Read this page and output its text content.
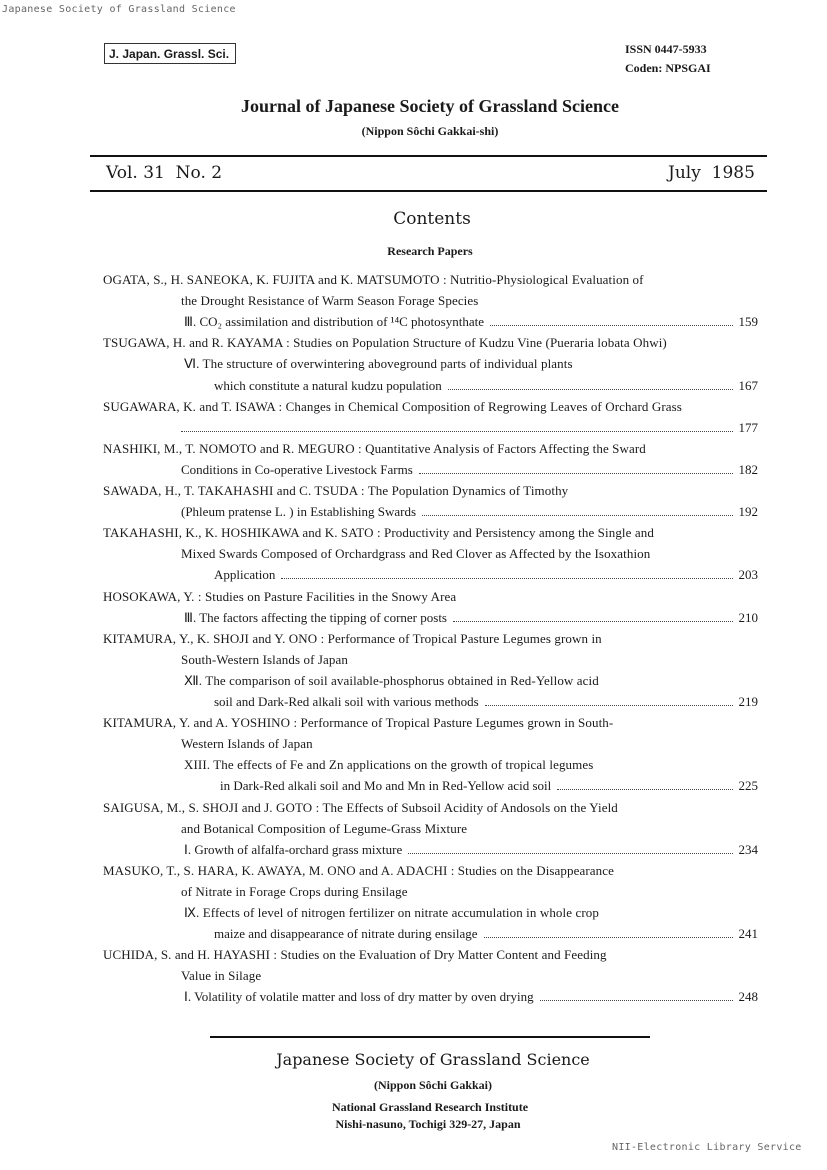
Japanese Society of Grassland Science
J. Japan. Grassl. Sci.	ISSN 0447-5933
Coden: NPSGAI
Journal of Japanese Society of Grassland Science
(Nippon Sôchi Gakkai-shi)
Vol. 31 No. 2	July 1985
Contents
Research Papers
OGATA, S., H. SANEOKA, K. FUJITA and K. MATSUMOTO : Nutritio-Physiological Evaluation of
the Drought Resistance of Warm Season Forage Species
Ⅲ. CO₂ assimilation and distribution of ¹⁴C photosynthate	159
TSUGAWA, H. and R. KAYAMA : Studies on Population Structure of Kudzu Vine (Pueraria lobata Ohwi)
Ⅵ. The structure of overwintering aboveground parts of individual plants
which constitute a natural kudzu population	167
SUGAWARA, K. and T. ISAWA : Changes in Chemical Composition of Regrowing Leaves of Orchard Grass
177
NASHIKI, M., T. NOMOTO and R. MEGURO : Quantitative Analysis of Factors Affecting the Sward
Conditions in Co-operative Livestock Farms	182
SAWADA, H., T. TAKAHASHI and C. TSUDA : The Population Dynamics of Timothy
(Phleum pratense L. ) in Establishing Swards	192
TAKAHASHI, K., K. HOSHIKAWA and K. SATO : Productivity and Persistency among the Single and
Mixed Swards Composed of Orchardgrass and Red Clover as Affected by the Isoxathion
Application	203
HOSOKAWA, Y. : Studies on Pasture Facilities in the Snowy Area
Ⅲ. The factors affecting the tipping of corner posts	210
KITAMURA, Y., K. SHOJI and Y. ONO : Performance of Tropical Pasture Legumes grown in
South-Western Islands of Japan
Ⅻ. The comparison of soil available-phosphorus obtained in Red-Yellow acid
soil and Dark-Red alkali soil with various methods	219
KITAMURA, Y. and A. YOSHINO : Performance of Tropical Pasture Legumes grown in South-
Western Islands of Japan
XIII. The effects of Fe and Zn applications on the growth of tropical legumes
in Dark-Red alkali soil and Mo and Mn in Red-Yellow acid soil	225
SAIGUSA, M., S. SHOJI and J. GOTO : The Effects of Subsoil Acidity of Andosols on the Yield
and Botanical Composition of Legume-Grass Mixture
Ⅰ. Growth of alfalfa-orchard grass mixture	234
MASUKO, T., S. HARA, K. AWAYA, M. ONO and A. ADACHI : Studies on the Disappearance
of Nitrate in Forage Crops during Ensilage
Ⅸ. Effects of level of nitrogen fertilizer on nitrate accumulation in whole crop
maize and disappearance of nitrate during ensilage	241
UCHIDA, S. and H. HAYASHI : Studies on the Evaluation of Dry Matter Content and Feeding
Value in Silage
Ⅰ. Volatility of volatile matter and loss of dry matter by oven drying	248
Japanese Society of Grassland Science
(Nippon Sôchi Gakkai)
National Grassland Research Institute
Nishi-nasuno, Tochigi 329-27, Japan
NII-Electronic Library Service
